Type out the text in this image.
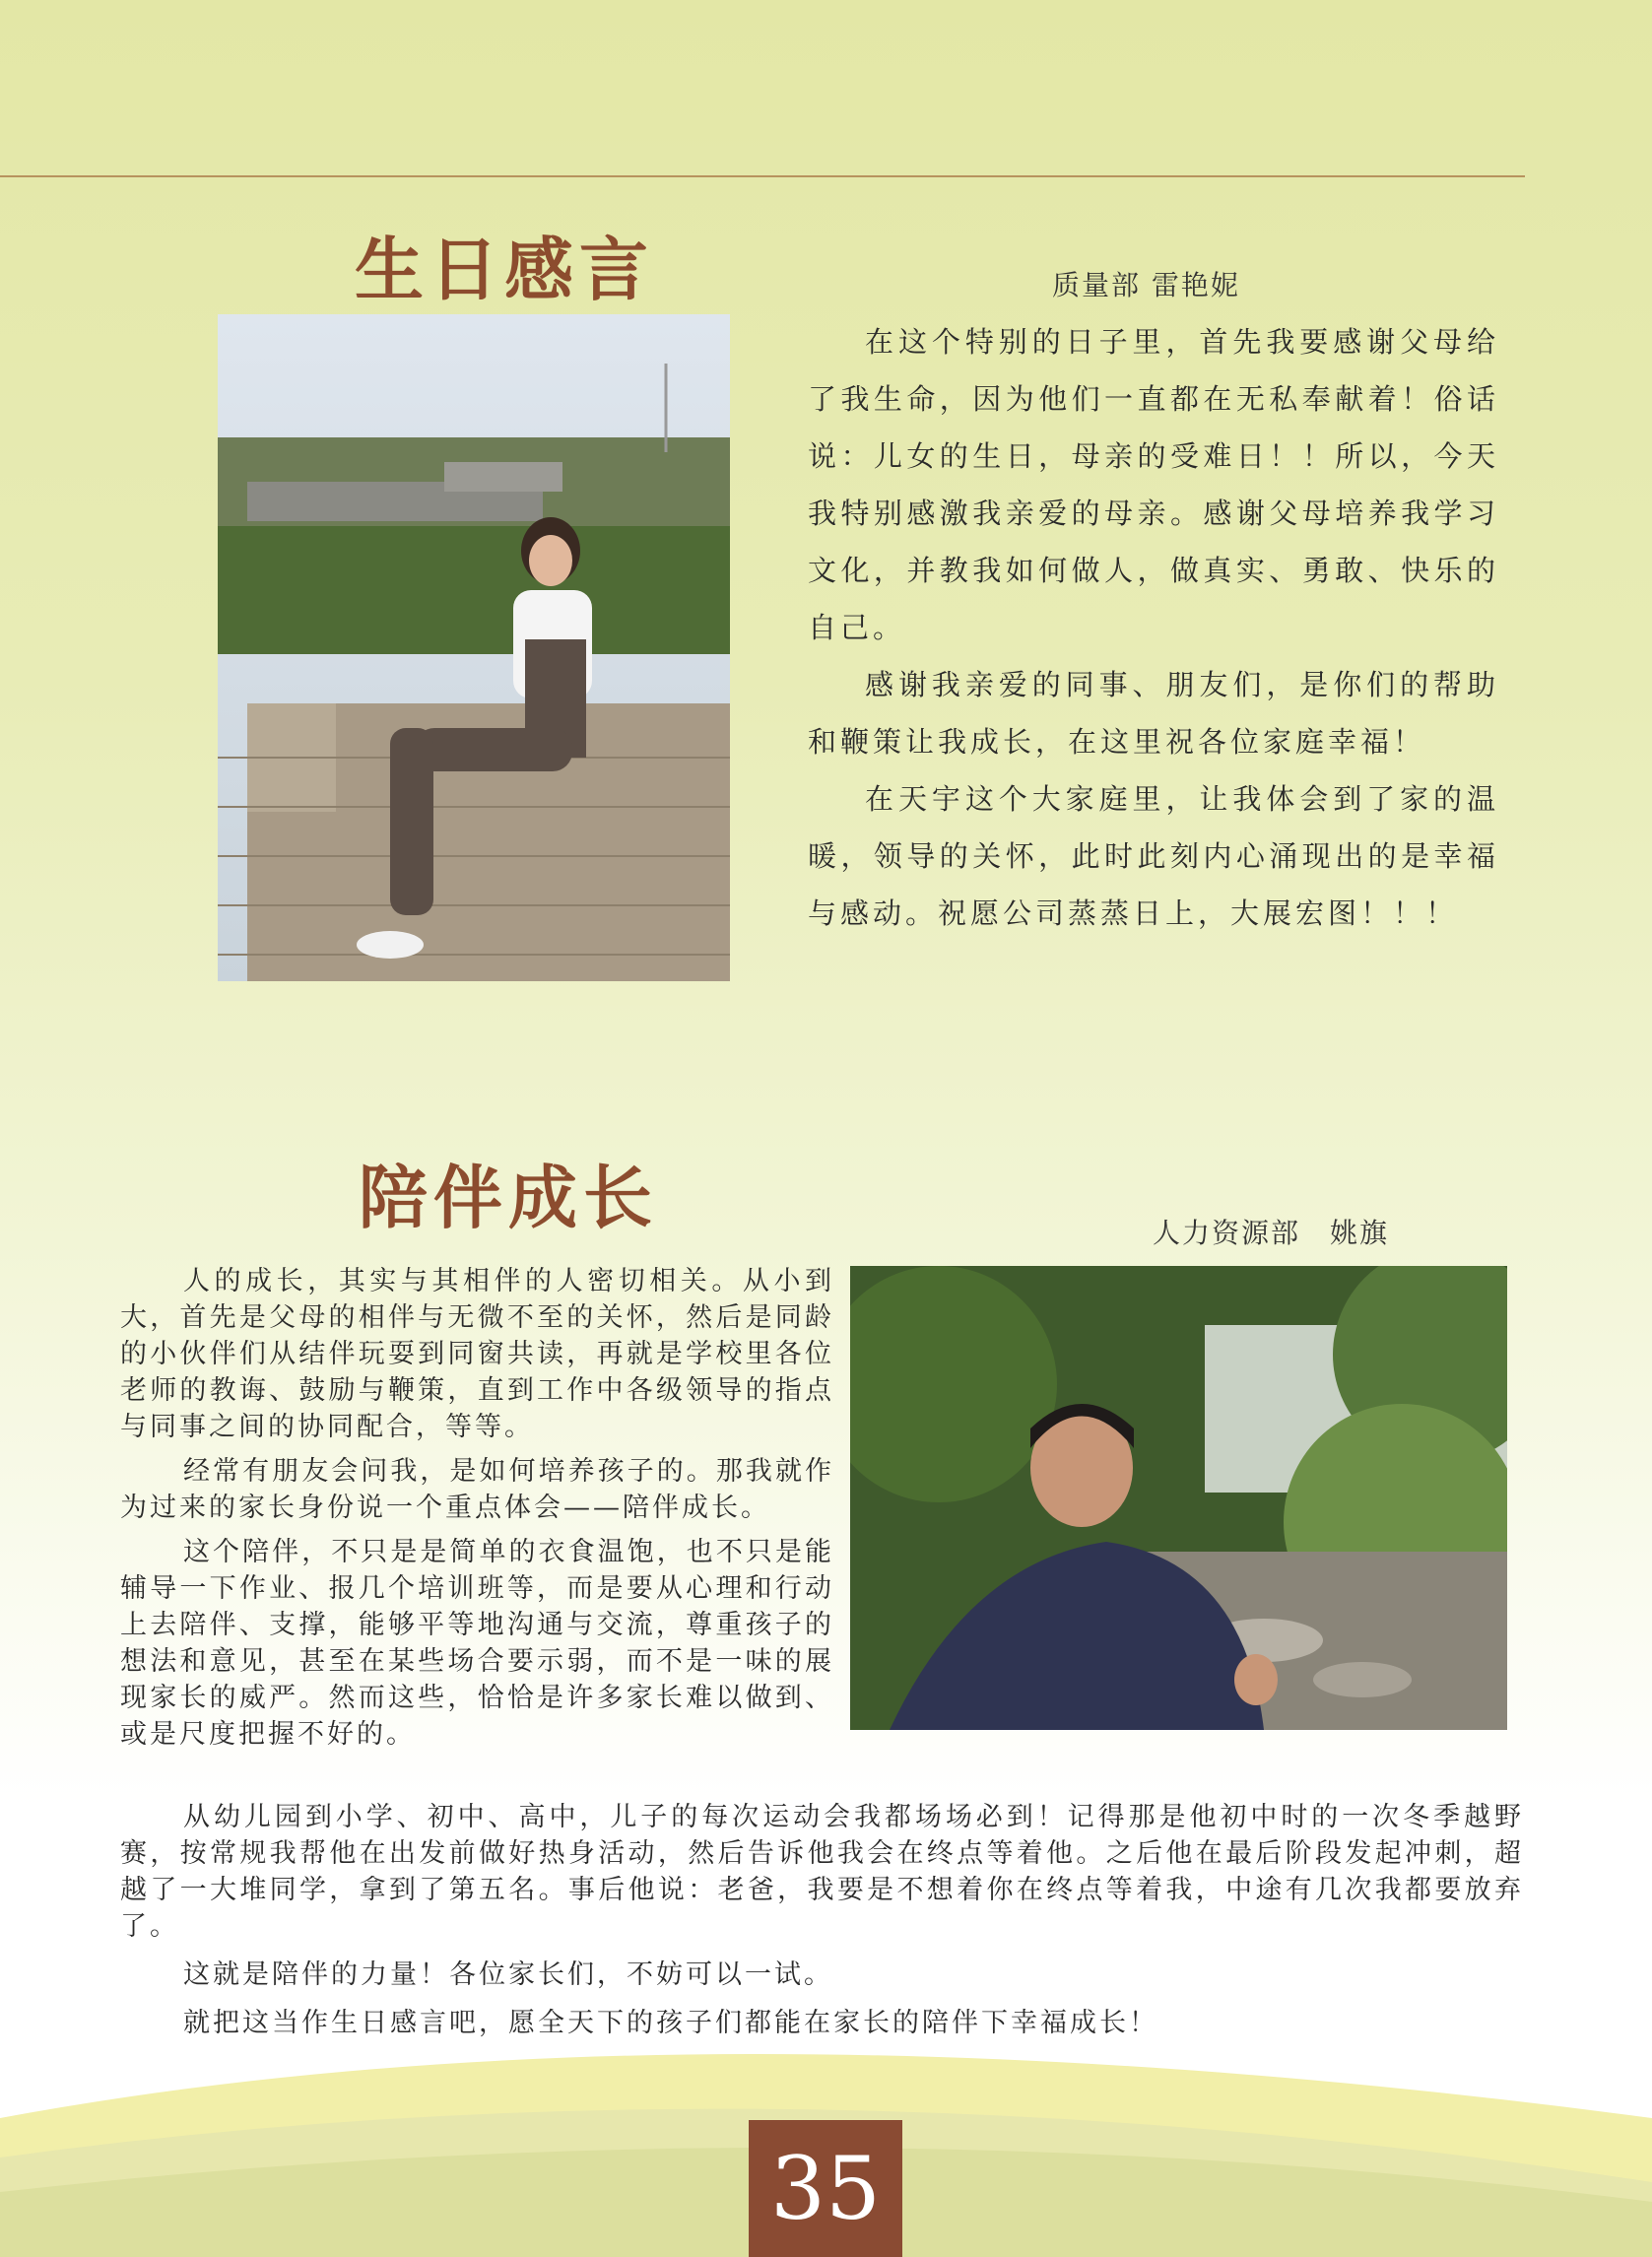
生日感言	质量部 雷艳妮

在这个特别的日子里，首先我要感谢父母给了我生命，因为他们一直都在无私奉献着！俗话说：儿女的生日，母亲的受难日！！所以，今天我特别感激我亲爱的母亲。感谢父母培养我学习文化，并教我如何做人，做真实、勇敢、快乐的自己。

感谢我亲爱的同事、朋友们，是你们的帮助和鞭策让我成长，在这里祝各位家庭幸福！

在天宇这个大家庭里，让我体会到了家的温暖，领导的关怀，此时此刻内心涌现出的是幸福与感动。祝愿公司蒸蒸日上，大展宏图！！！

陪伴成长	人力资源部　姚旗

人的成长，其实与其相伴的人密切相关。从小到大，首先是父母的相伴与无微不至的关怀，然后是同龄的小伙伴们从结伴玩耍到同窗共读，再就是学校里各位老师的教诲、鼓励与鞭策，直到工作中各级领导的指点与同事之间的协同配合，等等。

经常有朋友会问我，是如何培养孩子的。那我就作为过来的家长身份说一个重点体会——陪伴成长。

这个陪伴，不只是是简单的衣食温饱，也不只是能辅导一下作业、报几个培训班等，而是要从心理和行动上去陪伴、支撑，能够平等地沟通与交流，尊重孩子的想法和意见，甚至在某些场合要示弱，而不是一味的展现家长的威严。然而这些，恰恰是许多家长难以做到、或是尺度把握不好的。

从幼儿园到小学、初中、高中，儿子的每次运动会我都场场必到！记得那是他初中时的一次冬季越野赛，按常规我帮他在出发前做好热身活动，然后告诉他我会在终点等着他。之后他在最后阶段发起冲刺，超越了一大堆同学，拿到了第五名。事后他说：老爸，我要是不想着你在终点等着我，中途有几次我都要放弃了。

这就是陪伴的力量！各位家长们，不妨可以一试。

就把这当作生日感言吧，愿全天下的孩子们都能在家长的陪伴下幸福成长！

35
